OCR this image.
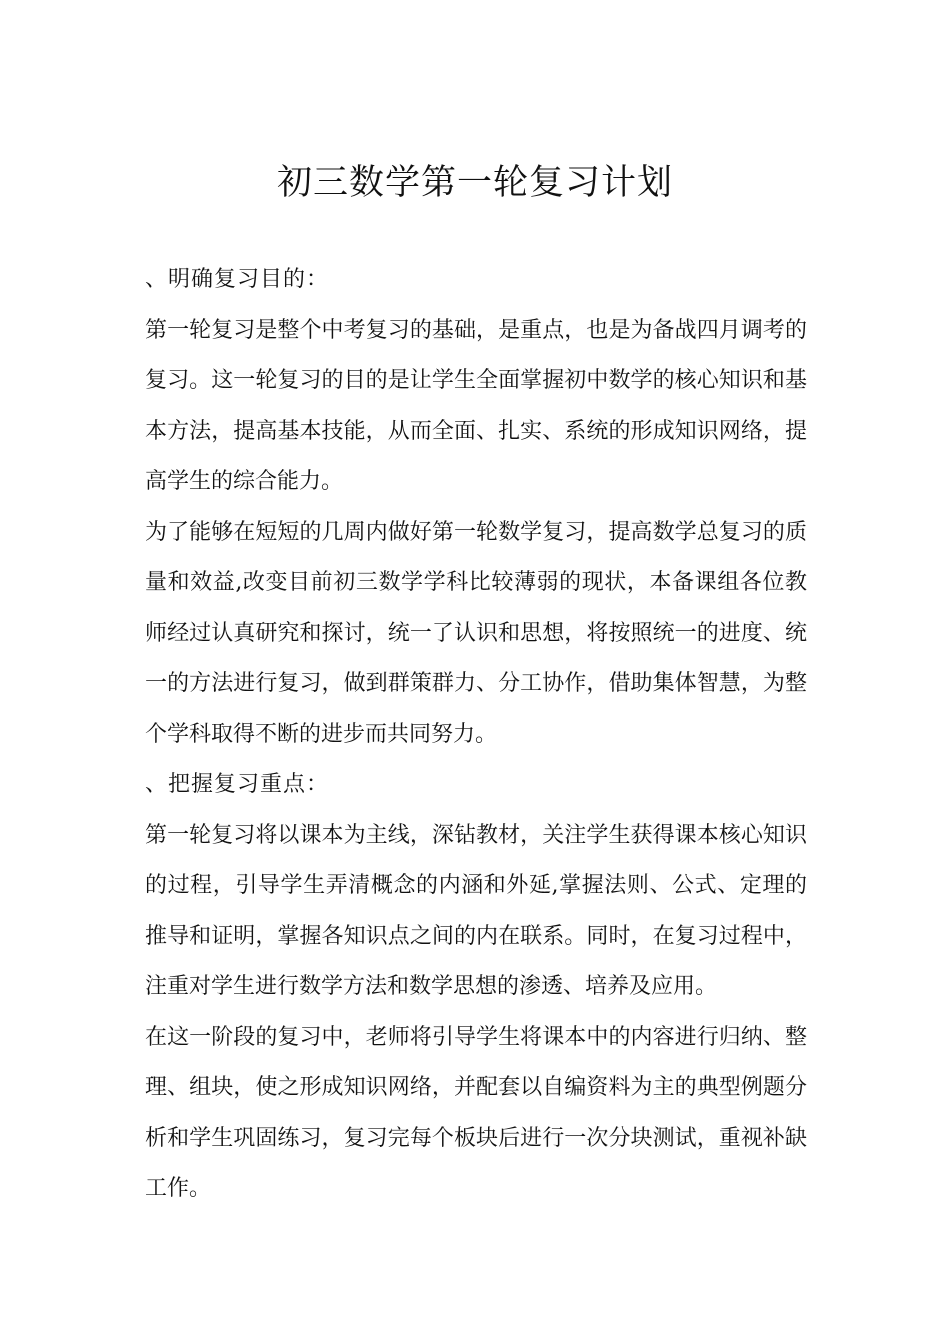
初三数学第一轮复习计划

、明确复习目的：

第一轮复习是整个中考复习的基础，是重点，也是为备战四月调考的复习。这一轮复习的目的是让学生全面掌握初中数学的核心知识和基本方法，提高基本技能，从而全面、扎实、系统的形成知识网络，提高学生的综合能力。

为了能够在短短的几周内做好第一轮数学复习，提高数学总复习的质量和效益,改变目前初三数学学科比较薄弱的现状，本备课组各位教师经过认真研究和探讨，统一了认识和思想，将按照统一的进度、统一的方法进行复习，做到群策群力、分工协作，借助集体智慧，为整个学科取得不断的进步而共同努力。

、把握复习重点：

第一轮复习将以课本为主线，深钻教材，关注学生获得课本核心知识的过程，引导学生弄清概念的内涵和外延,掌握法则、公式、定理的推导和证明，掌握各知识点之间的内在联系。同时，在复习过程中，注重对学生进行数学方法和数学思想的渗透、培养及应用。

在这一阶段的复习中，老师将引导学生将课本中的内容进行归纳、整理、组块，使之形成知识网络，并配套以自编资料为主的典型例题分析和学生巩固练习，复习完每个板块后进行一次分块测试，重视补缺工作。
